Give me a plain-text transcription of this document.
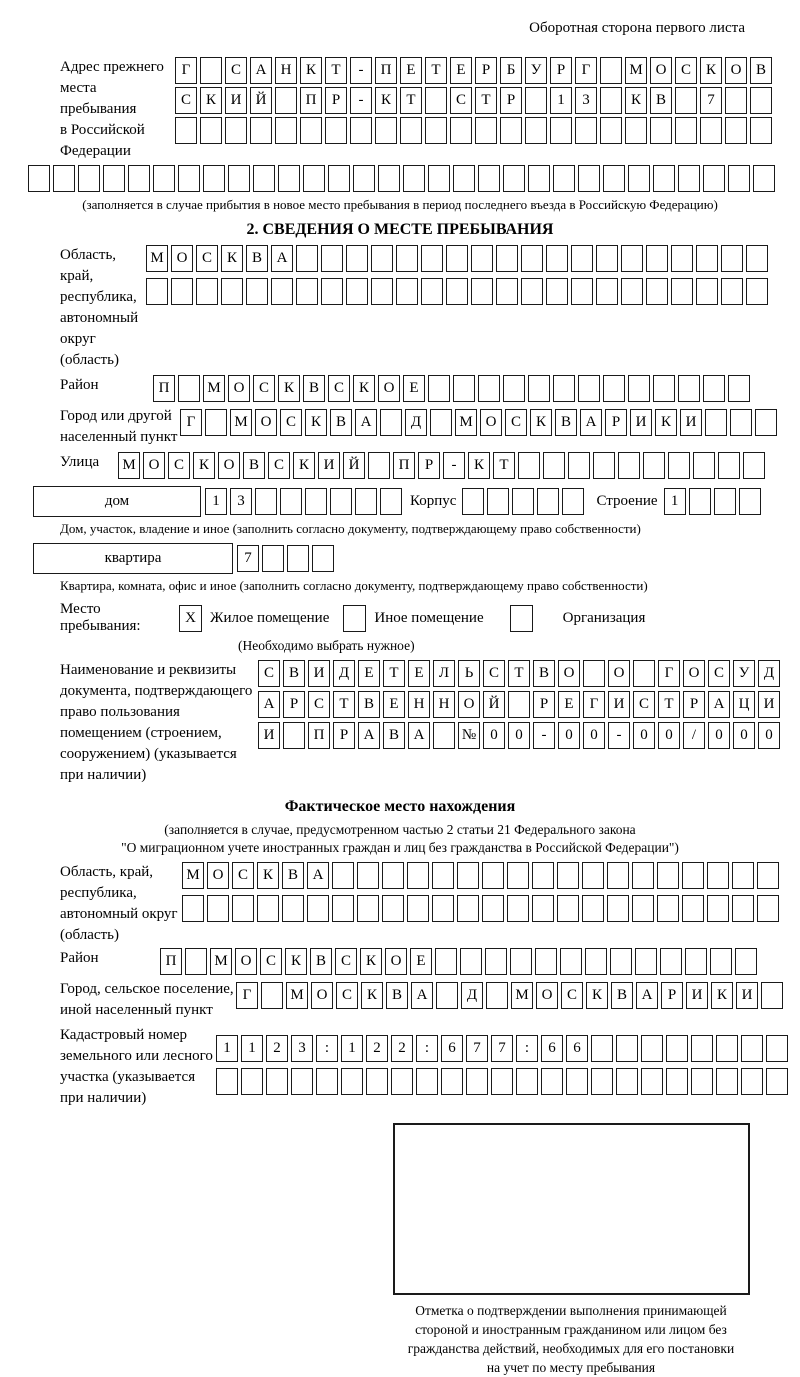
Оборотная сторона первого листа
Адрес прежнего
места пребывания
в Российской
Федерации
Г	С А Н К	Т	-	П Е	Т	Е	Р	Б	У	Р	Г	М О С К О В
С К И Й	П	Р	-	К	Т	С	Т	Р	1	3	К В	7
(заполняется в случае прибытия в новое место пребывания в период последнего въезда в Российскую Федерацию)
2. СВЕДЕНИЯ О МЕСТЕ ПРЕБЫВАНИЯ
Область, край,
республика,
автономный
округ (область)
М О С К В А
Район	П	М О С К В С К О Е
Город или другой
населенный пункт
Г	М О С К В А	Д	М О С К В А	Р	И К И
Улица	М О С К О В С К И Й	П	Р	-	К	Т
дом	1	3	Корпус	Строение 1
Дом, участок, владение и иное (заполнить согласно документу, подтверждающему право собственности)
квартира	7
Квартира, комната, офис и иное (заполнить согласно документу, подтверждающему право собственности)
Место пребывания:
X Жилое помещение	Иное помещение	Организация
(Необходимо выбрать нужное)
Наименование и реквизиты
документа, подтверждающего
право пользования
помещением (строением,
сооружением) (указывается
при наличии)
С В И Д	Е	Т	Е	Л	Ь	С	Т	В О	О	Г	О С У Д
А	Р	С	Т	В	Е	Н Н О Й	Р	Е	Г	И С	Т	Р	А Ц И
И	П	Р	А В А	№ 0	0	-	0	0	-	0	0	/	0	0	0
Фактическое место нахождения
(заполняется в случае, предусмотренном частью 2 статьи 21 Федерального закона
"О миграционном учете иностранных граждан и лиц без гражданства в Российской Федерации")
Область, край,
республика,
автономный округ
(область)
М О С К В А
Район	П	М О С К В С К О Е
Город, сельское поселение,
иной населенный пункт
Г	М О С К В А	Д	М О С К В А	Р	И К И
Кадастровый номер
земельного или лесного
участка (указывается
при наличии)
1	1	2	3	:	1	2	2	:	6	7	7	:	6	6
Отметка о подтверждении выполнения принимающей
стороной и иностранным гражданином или лицом без
гражданства действий, необходимых для его постановки
на учет по месту пребывания
